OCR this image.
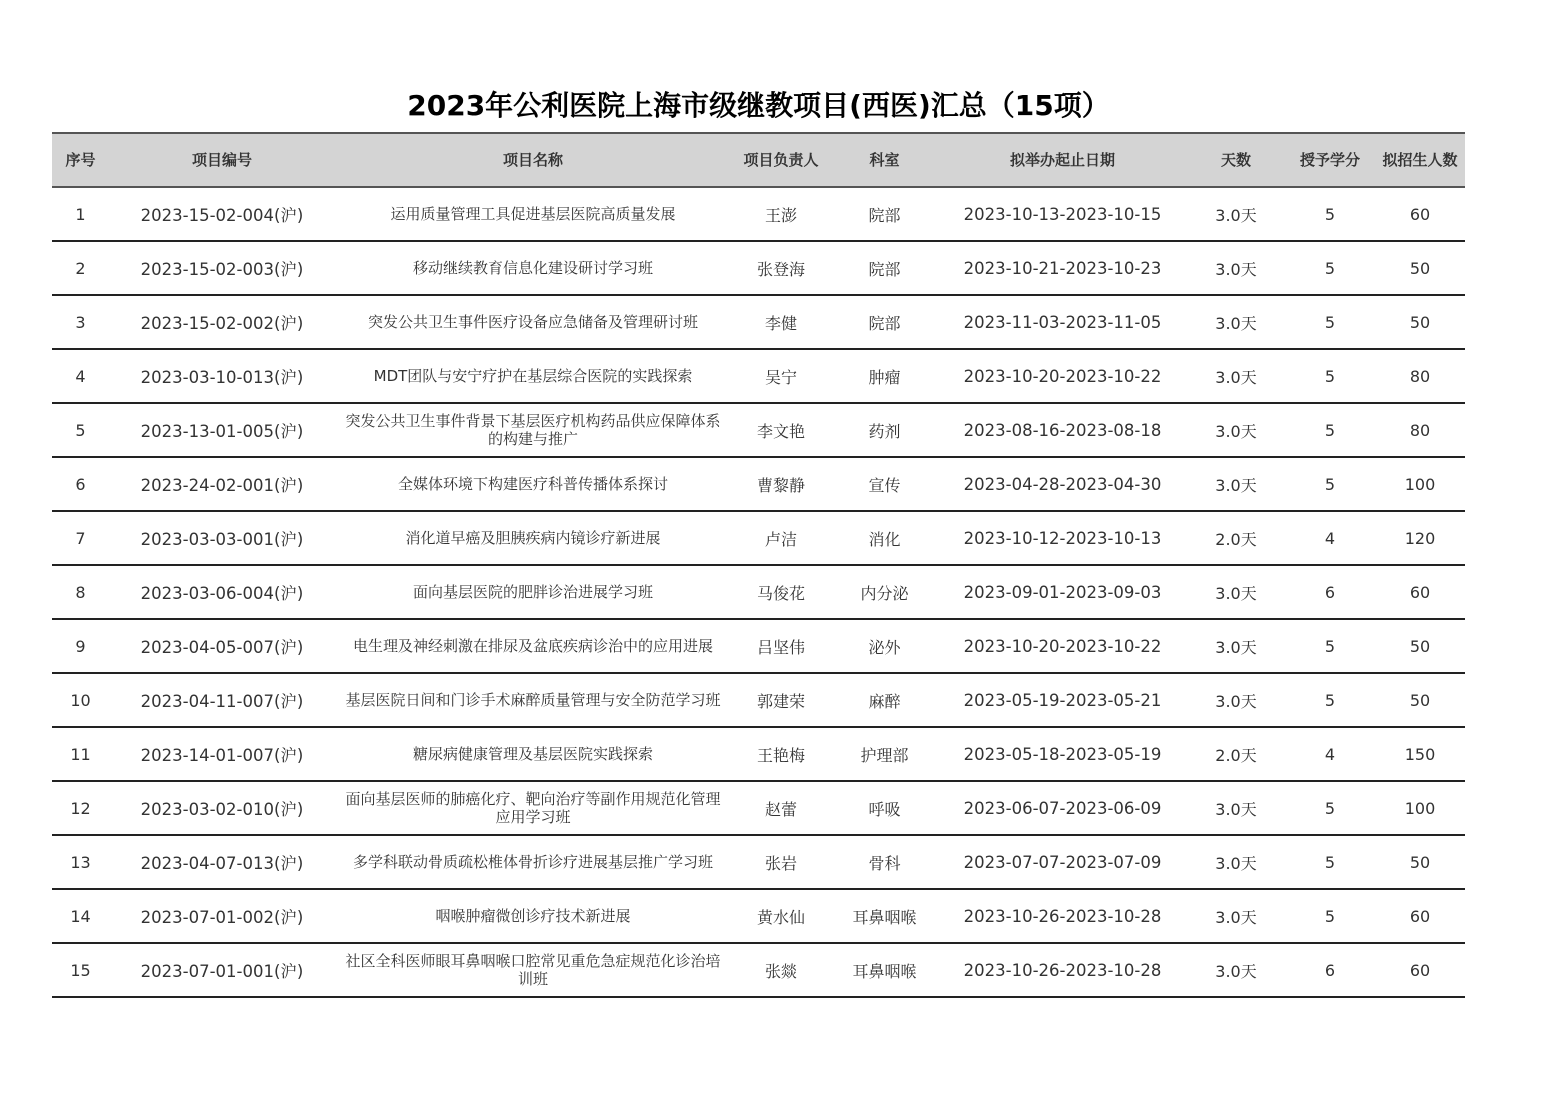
2023年公利医院上海市级继教项目(西医)汇总（15项）
序号	项目编号	项目名称	项目负责人	科室	拟举办起止日期	天数	授予学分	拟招生人数
1	2023-15-02-004(沪)	运用质量管理工具促进基层医院高质量发展	王澎	院部	2023-10-13-2023-10-15	3.0天	5	60
2	2023-15-02-003(沪)	移动继续教育信息化建设研讨学习班	张登海	院部	2023-10-21-2023-10-23	3.0天	5	50
3	2023-15-02-002(沪)	突发公共卫生事件医疗设备应急储备及管理研讨班	李健	院部	2023-11-03-2023-11-05	3.0天	5	50
4	2023-03-10-013(沪)	MDT团队与安宁疗护在基层综合医院的实践探索	吴宁	肿瘤	2023-10-20-2023-10-22	3.0天	5	80
5	2023-13-01-005(沪)	突发公共卫生事件背景下基层医疗机构药品供应保障体系的构建与推广	李文艳	药剂	2023-08-16-2023-08-18	3.0天	5	80
6	2023-24-02-001(沪)	全媒体环境下构建医疗科普传播体系探讨	曹黎静	宣传	2023-04-28-2023-04-30	3.0天	5	100
7	2023-03-03-001(沪)	消化道早癌及胆胰疾病内镜诊疗新进展	卢洁	消化	2023-10-12-2023-10-13	2.0天	4	120
8	2023-03-06-004(沪)	面向基层医院的肥胖诊治进展学习班	马俊花	内分泌	2023-09-01-2023-09-03	3.0天	6	60
9	2023-04-05-007(沪)	电生理及神经刺激在排尿及盆底疾病诊治中的应用进展	吕坚伟	泌外	2023-10-20-2023-10-22	3.0天	5	50
10	2023-04-11-007(沪)	基层医院日间和门诊手术麻醉质量管理与安全防范学习班	郭建荣	麻醉	2023-05-19-2023-05-21	3.0天	5	50
11	2023-14-01-007(沪)	糖尿病健康管理及基层医院实践探索	王艳梅	护理部	2023-05-18-2023-05-19	2.0天	4	150
12	2023-03-02-010(沪)	面向基层医师的肺癌化疗、靶向治疗等副作用规范化管理应用学习班	赵蕾	呼吸	2023-06-07-2023-06-09	3.0天	5	100
13	2023-04-07-013(沪)	多学科联动骨质疏松椎体骨折诊疗进展基层推广学习班	张岩	骨科	2023-07-07-2023-07-09	3.0天	5	50
14	2023-07-01-002(沪)	咽喉肿瘤微创诊疗技术新进展	黄水仙	耳鼻咽喉	2023-10-26-2023-10-28	3.0天	5	60
15	2023-07-01-001(沪)	社区全科医师眼耳鼻咽喉口腔常见重危急症规范化诊治培训班	张燚	耳鼻咽喉	2023-10-26-2023-10-28	3.0天	6	60
